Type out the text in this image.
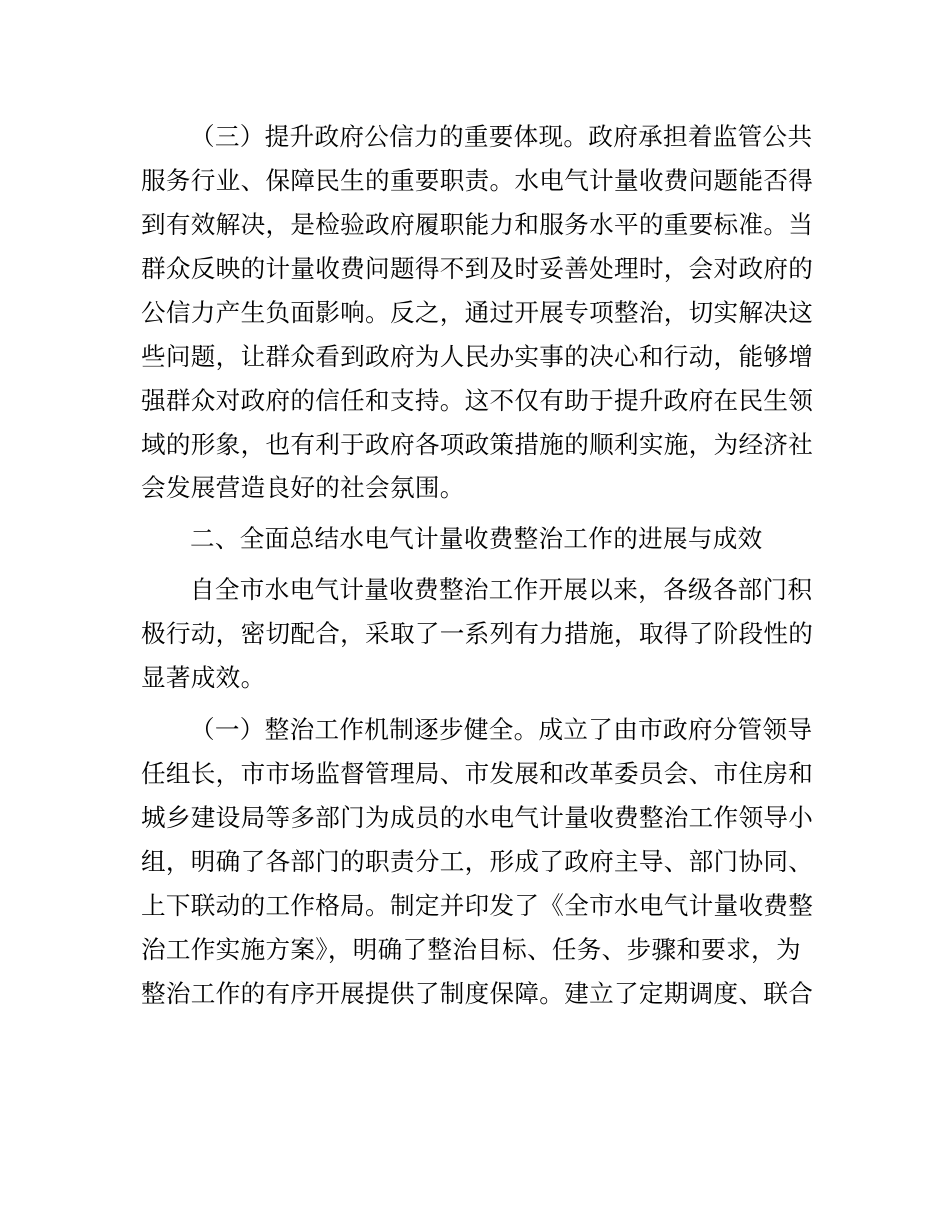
（三）提升政府公信力的重要体现。政府承担着监管公共

服务行业、保障民生的重要职责。水电气计量收费问题能否得

到有效解决，是检验政府履职能力和服务水平的重要标准。当

群众反映的计量收费问题得不到及时妥善处理时，会对政府的

公信力产生负面影响。反之，通过开展专项整治，切实解决这

些问题，让群众看到政府为人民办实事的决心和行动，能够增

强群众对政府的信任和支持。这不仅有助于提升政府在民生领

域的形象，也有利于政府各项政策措施的顺利实施，为经济社

会发展营造良好的社会氛围。

二、全面总结水电气计量收费整治工作的进展与成效

自全市水电气计量收费整治工作开展以来，各级各部门积

极行动，密切配合，采取了一系列有力措施，取得了阶段性的

显著成效。

（一）整治工作机制逐步健全。成立了由市政府分管领导

任组长，市市场监督管理局、市发展和改革委员会、市住房和

城乡建设局等多部门为成员的水电气计量收费整治工作领导小

组，明确了各部门的职责分工，形成了政府主导、部门协同、

上下联动的工作格局。制定并印发了《全市水电气计量收费整

治工作实施方案》，明确了整治目标、任务、步骤和要求，为

整治工作的有序开展提供了制度保障。建立了定期调度、联合
